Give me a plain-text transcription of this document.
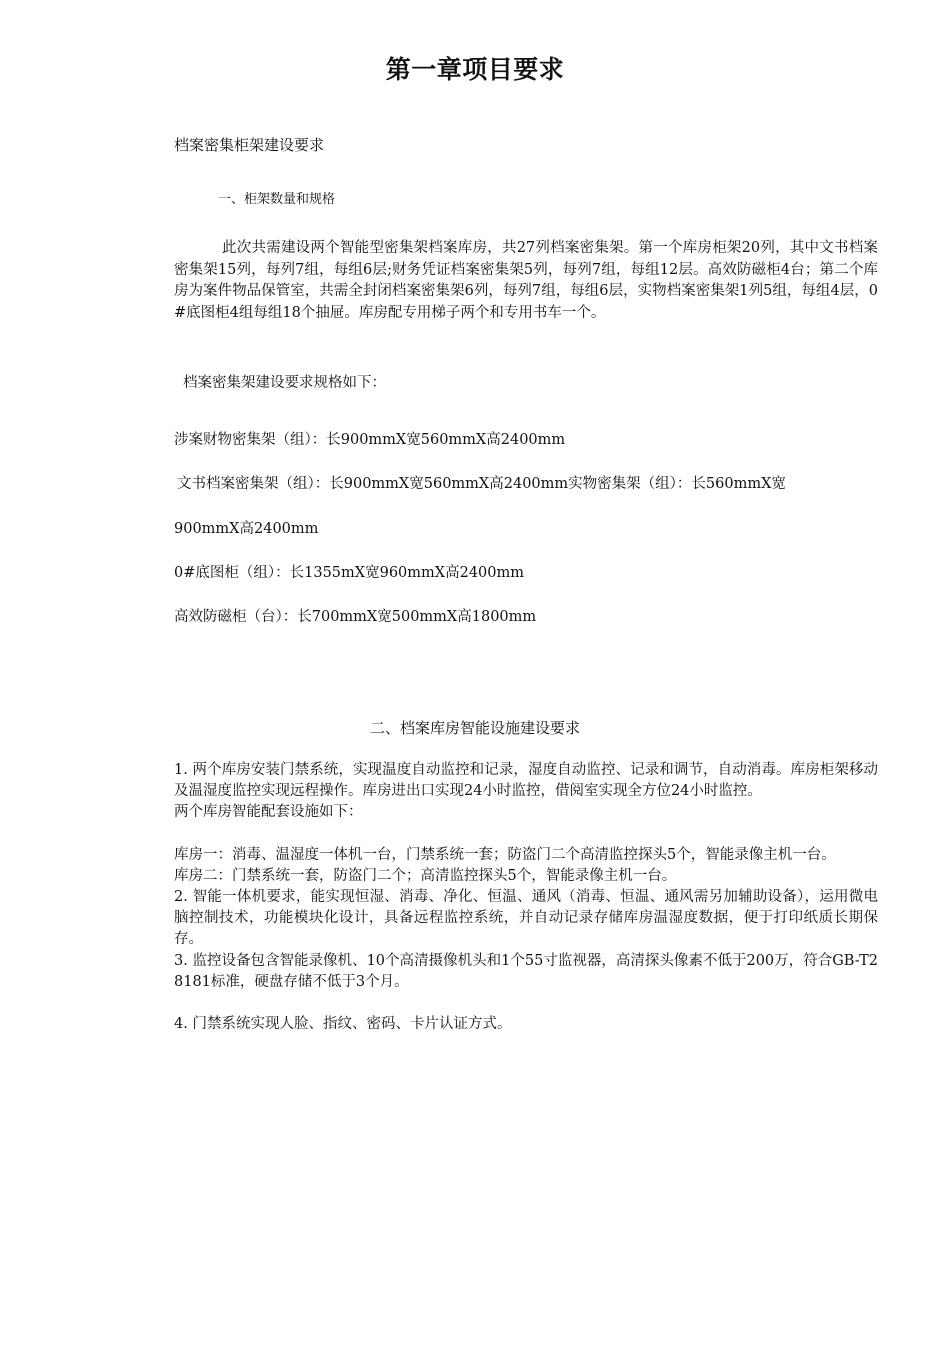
第一章项目要求
档案密集柜架建设要求
一、柜架数量和规格
此次共需建设两个智能型密集架档案库房，共27列档案密集架。第一个库房柜架20列，其中文书档案密集架15列，每列7组，每组6层;财务凭证档案密集架5列，每列7组，每组12层。高效防磁柜4台；第二个库房为案件物品保管室，共需全封闭档案密集架6列，每列7组，每组6层，实物档案密集架1列5组，每组4层，0#底图柜4组每组18个抽屉。库房配专用梯子两个和专用书车一个。
档案密集架建设要求规格如下：
涉案财物密集架（组）：长900mmX宽560mmX高2400mm
文书档案密集架（组）：长900mmX宽560mmX高2400mm实物密集架（组）：长560mmX宽
900mmX高2400mm
0#底图柜（组）：长1355mX宽960mmX高2400mm
高效防磁柜（台）：长700mmX宽500mmX高1800mm
二、档案库房智能设施建设要求

1. 两个库房安装门禁系统，实现温度自动监控和记录，湿度自动监控、记录和调节，自动消毒。库房柜架移动及温湿度监控实现远程操作。库房进出口实现24小时监控，借阅室实现全方位24小时监控。

两个库房智能配套设施如下：

库房一：消毒、温湿度一体机一台，门禁系统一套；防盗门二个高清监控探头5个，智能录像主机一台。

库房二：门禁系统一套，防盗门二个；高清监控探头5个，智能录像主机一台。

2. 智能一体机要求，能实现恒湿、消毒、净化、恒温、通风（消毒、恒温、通风需另加辅助设备），运用微电脑控制技术，功能模块化设计，具备远程监控系统，并自动记录存储库房温湿度数据，便于打印纸质长期保存。

3. 监控设备包含智能录像机、10个高清摄像机头和1个55寸监视器，高清探头像素不低于200万，符合GB-T28181标准，硬盘存储不低于3个月。

4. 门禁系统实现人脸、指纹、密码、卡片认证方式。
